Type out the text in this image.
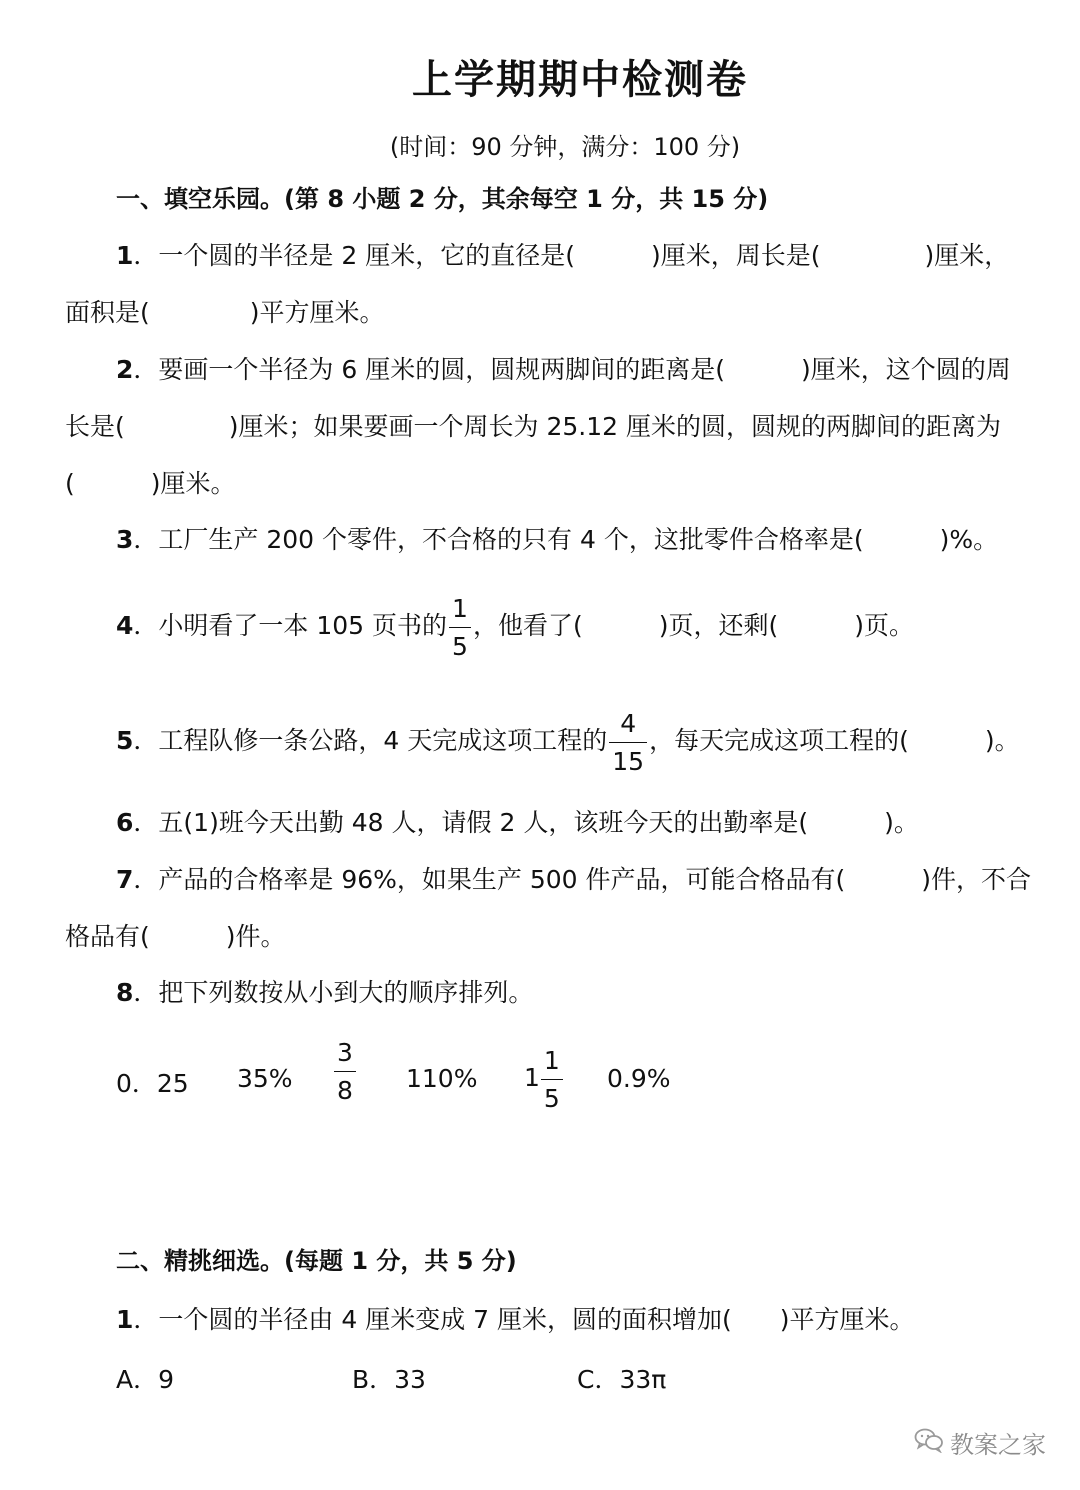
上学期期中检测卷
(时间：90 分钟，满分：100 分)
一、填空乐园。(第 8 小题 2 分，其余每空 1 分，共 15 分)
1．一个圆的半径是 2 厘米，它的直径是(	)厘米，周长是(	)厘米，
面积是(	)平方厘米。
2．要画一个半径为 6 厘米的圆，圆规两脚间的距离是(	)厘米，这个圆的周
长是(	)厘米；如果要画一个周长为 25.12 厘米的圆，圆规的两脚间的距离为
(	)厘米。
3．工厂生产 200 个零件，不合格的只有 4 个，这批零件合格率是(	)%。
4．小明看了一本 105 页书的 $\frac{1}{5}$ ，他看了(	)页，还剩(	)页。
5．工程队修一条公路，4 天完成这项工程的 $\frac{4}{15}$ ，每天完成这项工程的(	)。
6．五(1)班今天出勤 48 人，请假 2 人，该班今天的出勤率是(	)。
7．产品的合格率是 96%，如果生产 500 件产品，可能合格品有(	)件，不合
格品有(	)件。
8．把下列数按从小到大的顺序排列。
0．25 $35\% \frac{3}{8} 110\%$ $1 \frac{1}{5} 0.9\%$
二、精挑细选。(每题 1 分，共 5 分)
1．一个圆的半径由 4 厘米变成 7 厘米，圆的面积增加( )平方厘米。
A．9	B．33	C．33π
教案之家
